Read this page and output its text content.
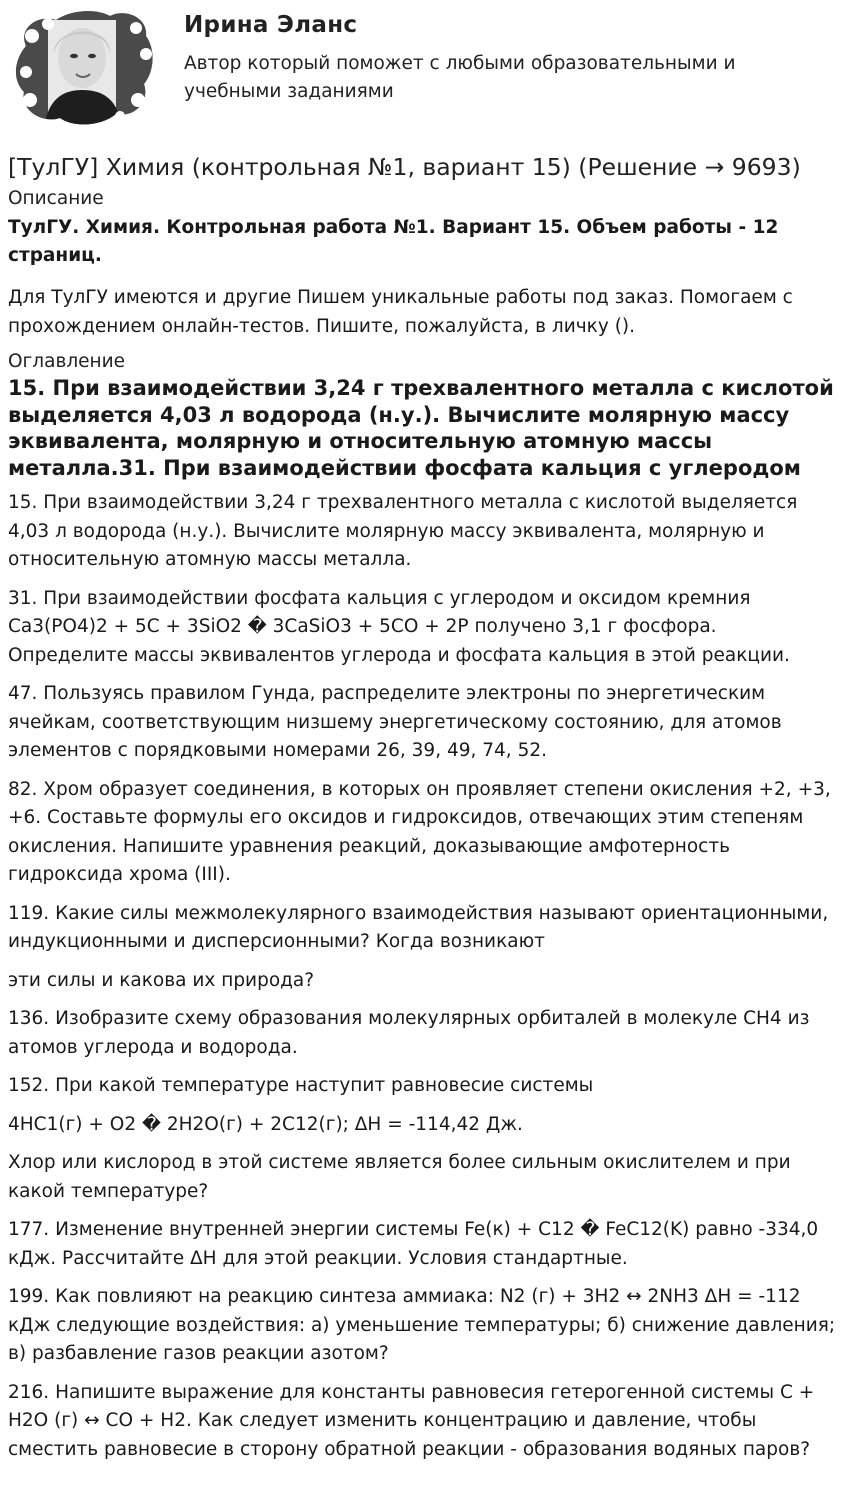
Ирина Эланс
Автор который поможет с любыми образовательными и учебными заданиями
[ТулГУ] Химия (контрольная №1, вариант 15) (Решение → 9693)
Описание
ТулГУ. Химия. Контрольная работа №1. Вариант 15. Объем работы - 12 страниц.
Для ТулГУ имеются и другие Пишем уникальные работы под заказ. Помогаем с прохождением онлайн-тестов. Пишите, пожалуйста, в личку ().
Оглавление
15. При взаимодействии 3,24 г трехвалентного металла с кислотой выделяется 4,03 л водорода (н.у.). Вычислите молярную массу эквивалента, молярную и относительную атомную массы металла.31. При взаимодействии фосфата кальция с углеродом
15. При взаимодействии 3,24 г трехвалентного металла с кислотой выделяется 4,03 л водорода (н.у.). Вычислите молярную массу эквивалента, молярную и относительную атомную массы металла.
31. При взаимодействии фосфата кальция с углеродом и оксидом кремния Ca3(PO4)2 + 5C + 3SiO2 � 3CaSiO3 + 5CO + 2P получено 3,1 г фосфора. Определите массы эквивалентов углерода и фосфата кальция в этой реакции.
47. Пользуясь правилом Гунда, распределите электроны по энергетическим ячейкам, соответствующим низшему энергетическому состоянию, для атомов элементов с порядковыми номерами 26, 39, 49, 74, 52.
82. Хром образует соединения, в которых он проявляет степени окисления +2, +3, +6. Составьте формулы его оксидов и гидроксидов, отвечающих этим степеням окисления. Напишите уравнения реакций, доказывающие амфотерность гидроксида хрома (III).
119. Какие силы межмолекулярного взаимодействия называют ориентационными, индукционными и дисперсионными? Когда возникают
эти силы и какова их природа?
136. Изобразите схему образования молекулярных орбиталей в молекуле CH4 из атомов углерода и водорода.
152. При какой температуре наступит равновесие системы
4HC1(г) + O2 � 2H2O(г) + 2C12(г); ΔH = -114,42 Дж.
Хлор или кислород в этой системе является более сильным окислителем и при какой температуре?
177. Изменение внутренней энергии системы Fe(к) + C12 � FeC12(K) равно -334,0 кДж. Рассчитайте ΔH для этой реакции. Условия стандартные.
199. Как повлияют на реакцию синтеза аммиака: N2 (г) + 3H2 ↔ 2NH3 ΔH = -112 кДж следующие воздействия: а) уменьшение температуры; б) снижение давления; в) разбавление газов реакции азотом?
216. Напишите выражение для константы равновесия гетерогенной системы C + H2O (г) ↔ CO + H2. Как следует изменить концентрацию и давление, чтобы сместить равновесие в сторону обратной реакции - образования водяных паров?
